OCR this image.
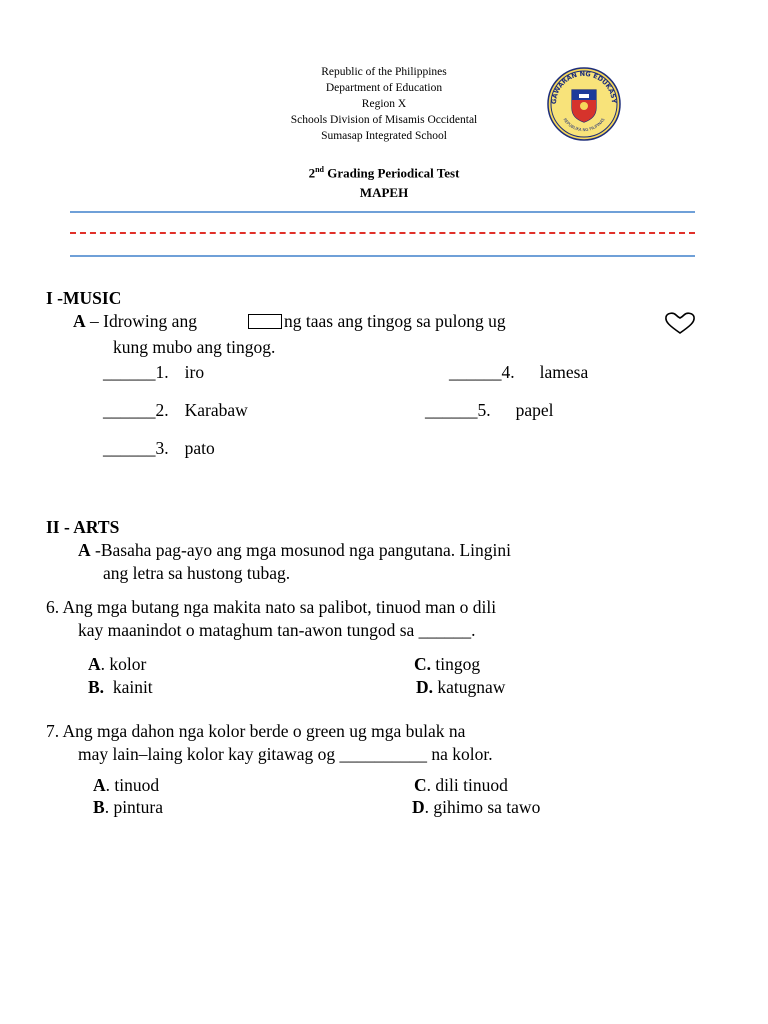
Republic of the Philippines
Department of Education
Region X
Schools Division of Misamis Occidental
Sumasap Integrated School
GAWARAN NG EDUKASY
REPUBLIKA NG PILIPINAS
2nd Grading Periodical Test
MAPEH
I -MUSIC
A – Idrowing ang	ng taas ang tingog sa pulong ug
kung mubo ang tingog.
______1. iro
______2. Karabaw
______3. pato
______4. lamesa
______5. papel
II - ARTS
A -Basaha pag-ayo ang mga mosunod nga pangutana. Lingini
ang letra sa hustong tubag.
6. Ang mga butang nga makita nato sa palibot, tinuod man o dili
kay maanindot o mataghum tan-awon tungod sa ______.
A. kolor
B.  kainit
C. tingog
D. katugnaw
7. Ang mga dahon nga kolor berde o green ug mga bulak na
may lain–laing kolor kay gitawag og __________ na kolor.
A. tinuod
B. pintura
C. dili tinuod
D. gihimo sa tawo
